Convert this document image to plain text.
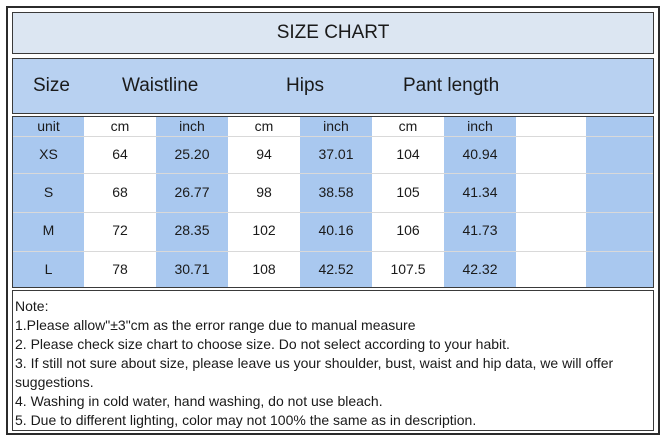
SIZE CHART
Size	Waistline	Hips	Pant length
unit	cm	inch	cm	inch	cm	inch
XS	64	25.20	94	37.01	104	40.94
S	68	26.77	98	38.58	105	41.34
M	72	28.35	102	40.16	106	41.73
L	78	30.71	108	42.52	107.5	42.32
Note:
1.Please allow"±3"cm as the error range due to manual measure
2. Please check size chart to choose size. Do not select according to your habit.
3. If still not sure about size, please leave us your shoulder, bust, waist and hip data, we will offer
suggestions.
4. Washing in cold water, hand washing, do not use bleach.
5. Due to different lighting, color may not 100% the same as in description.
